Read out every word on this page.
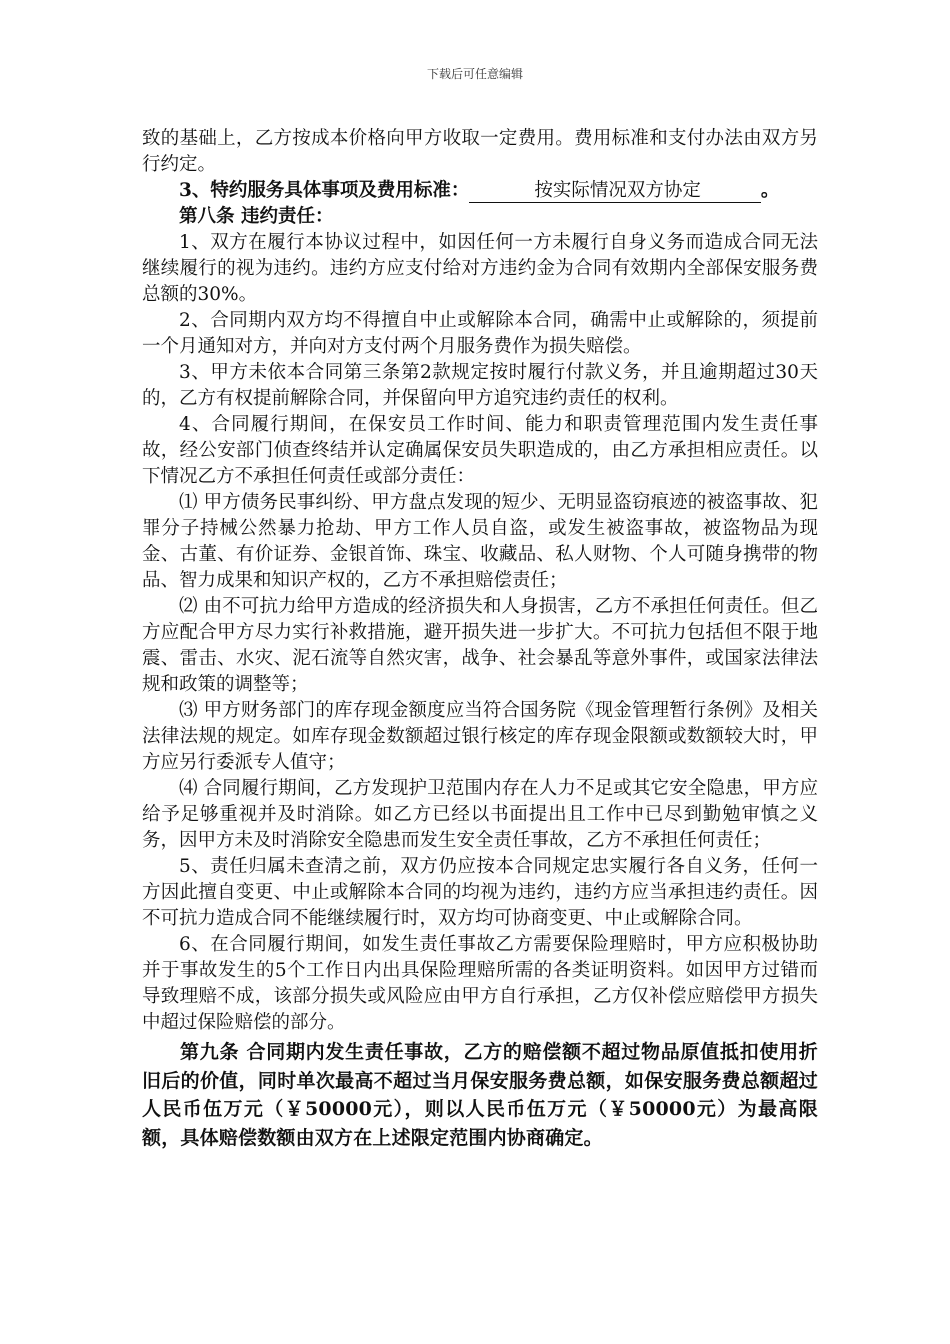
下载后可任意编辑

致的基础上，乙方按成本价格向甲方收取一定费用。费用标准和支付办法由双方另行约定。

3、特约服务具体事项及费用标准：	按实际情况双方协定	。

第八条 违约责任：

1、双方在履行本协议过程中，如因任何一方未履行自身义务而造成合同无法继续履行的视为违约。违约方应支付给对方违约金为合同有效期内全部保安服务费总额的30%。

2、合同期内双方均不得擅自中止或解除本合同，确需中止或解除的，须提前一个月通知对方，并向对方支付两个月服务费作为损失赔偿。

3、甲方未依本合同第三条第2款规定按时履行付款义务，并且逾期超过30天的，乙方有权提前解除合同，并保留向甲方追究违约责任的权利。

4、合同履行期间，在保安员工作时间、能力和职责管理范围内发生责任事故，经公安部门侦查终结并认定确属保安员失职造成的，由乙方承担相应责任。以下情况乙方不承担任何责任或部分责任：

⑴ 甲方债务民事纠纷、甲方盘点发现的短少、无明显盗窃痕迹的被盗事故、犯罪分子持械公然暴力抢劫、甲方工作人员自盗，或发生被盗事故，被盗物品为现金、古董、有价证券、金银首饰、珠宝、收藏品、私人财物、个人可随身携带的物品、智力成果和知识产权的，乙方不承担赔偿责任；

⑵ 由不可抗力给甲方造成的经济损失和人身损害，乙方不承担任何责任。但乙方应配合甲方尽力实行补救措施，避开损失进一步扩大。不可抗力包括但不限于地震、雷击、水灾、泥石流等自然灾害，战争、社会暴乱等意外事件，或国家法律法规和政策的调整等；

⑶ 甲方财务部门的库存现金额度应当符合国务院《现金管理暂行条例》及相关法律法规的规定。如库存现金数额超过银行核定的库存现金限额或数额较大时，甲方应另行委派专人值守；

⑷ 合同履行期间，乙方发现护卫范围内存在人力不足或其它安全隐患，甲方应给予足够重视并及时消除。如乙方已经以书面提出且工作中已尽到勤勉审慎之义务，因甲方未及时消除安全隐患而发生安全责任事故，乙方不承担任何责任；

5、责任归属未查清之前，双方仍应按本合同规定忠实履行各自义务，任何一方因此擅自变更、中止或解除本合同的均视为违约，违约方应当承担违约责任。因不可抗力造成合同不能继续履行时，双方均可协商变更、中止或解除合同。

6、在合同履行期间，如发生责任事故乙方需要保险理赔时，甲方应积极协助并于事故发生的5个工作日内出具保险理赔所需的各类证明资料。如因甲方过错而导致理赔不成，该部分损失或风险应由甲方自行承担，乙方仅补偿应赔偿甲方损失中超过保险赔偿的部分。

第九条 合同期内发生责任事故，乙方的赔偿额不超过物品原值抵扣使用折旧后的价值，同时单次最高不超过当月保安服务费总额，如保安服务费总额超过人民币伍万元（￥50000元），则以人民币伍万元（￥50000元）为最高限额，具体赔偿数额由双方在上述限定范围内协商确定。
